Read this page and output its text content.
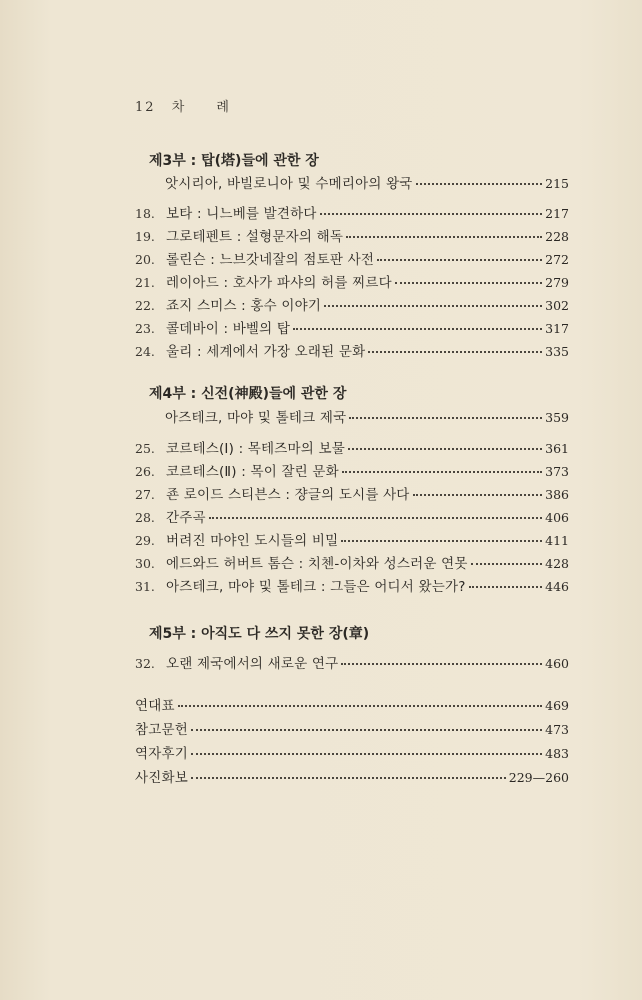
12 차 례
제3부 : 탑(塔)들에 관한 장
앗시리아, 바빌로니아 및 수메리아의 왕국	215
18. 보타 : 니느베를 발견하다	217
19. 그로테펜트 : 설형문자의 해독	228
20. 롤린슨 : 느브갓네잘의 점토판 사전	272
21. 레이아드 : 호사가 파샤의 허를 찌르다	279
22. 죠지 스미스 : 홍수 이야기	302
23. 콜데바이 : 바벨의 탑	317
24. 울리 : 세계에서 가장 오래된 문화	335
제4부 : 신전(神殿)들에 관한 장
아즈테크, 마야 및 톨테크 제국	359
25. 코르테스(Ⅰ) : 목테즈마의 보물	361
26. 코르테스(Ⅱ) : 목이 잘린 문화	373
27. 죤 로이드 스티븐스 : 쟝글의 도시를 사다	386
28. 간주곡	406
29. 버려진 마야인 도시들의 비밀	411
30. 에드와드 허버트 톰슨 : 치첸-이차와 성스러운 연못	428
31. 아즈테크, 마야 및 톨테크 : 그들은 어디서 왔는가?	446
제5부 : 아직도 다 쓰지 못한 장(章)
32. 오랜 제국에서의 새로운 연구	460
연대표	469
참고문헌	473
역자후기	483
사진화보	229—260
